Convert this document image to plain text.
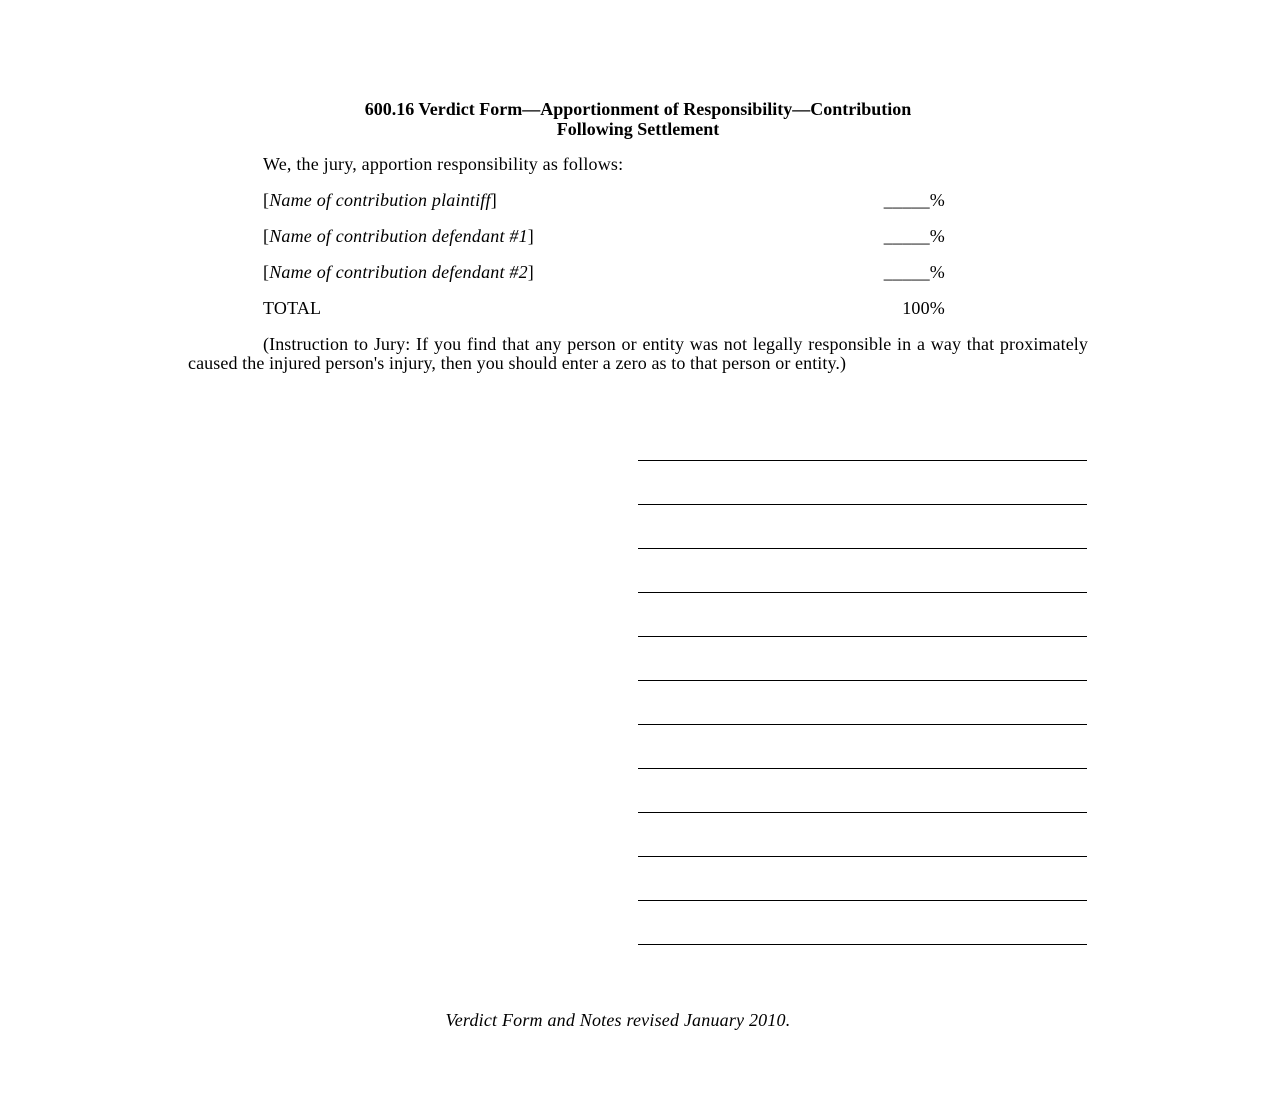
600.16 Verdict Form—Apportionment of Responsibility—Contribution
Following Settlement
We, the jury, apportion responsibility as follows:
[Name of contribution plaintiff]	_____%
[Name of contribution defendant #1]	_____%
[Name of contribution defendant #2]	_____%
TOTAL	100%
(Instruction to Jury: If you find that any person or entity was not legally responsible in a way that proximately caused the injured person's injury, then you should enter a zero as to that person or entity.)
Verdict Form and Notes revised January 2010.
